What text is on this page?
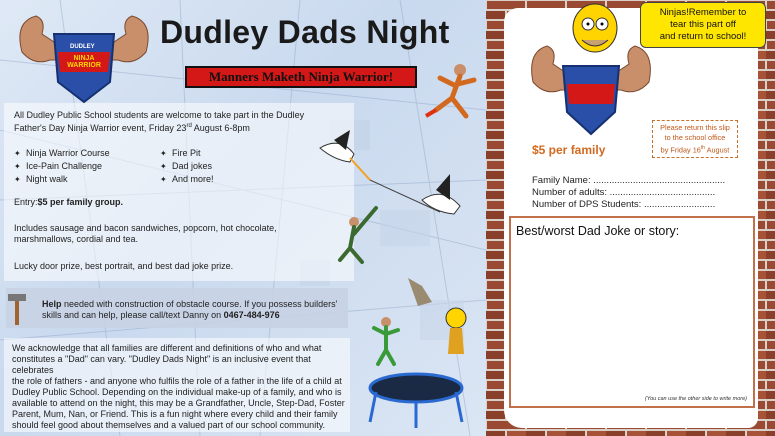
DUDLEY
NINJA WARRIOR
Dudley Dads Night
Manners Maketh Ninja Warrior!
All Dudley Public School students are welcome to take part in the Dudley
Father's Day Ninja Warrior event, Friday 23rd August 6-8pm
✦ Ninja Warrior Course
✦ Ice-Pain Challenge
✦ Night walk
✦ Fire Pit
✦ Dad jokes
✦ And more!
Entry:$5 per family group.
Includes sausage and bacon sandwiches, popcorn, hot chocolate,
marshmallows, cordial and tea.
Lucky door prize, best portrait, and best dad joke prize.
Help needed with construction of obstacle course. If you possess builders'
skills and can help, please call/text Danny on 0467-484-976
We acknowledge that all families are different and definitions of who and what
constitutes a "Dad" can vary. "Dudley Dads Night" is an inclusive event that celebrates
the role of fathers - and anyone who fulfils the role of a father in the life of a child at
Dudley Public School. Depending on the individual make-up of a family, and who is
available to attend on the night, this may be a Grandfather, Uncle, Step-Dad, Foster
Parent, Mum, Nan, or Friend. This is a fun night where every child and their family
should feel good about themselves and a valued part of our school community.
Ninjas!Remember to
tear this part off
and return to school!
Please return this slip
to the school office
by Friday 16th August
$5 per family
Family Name: ..................................................
Number of adults: ........................................
Number of DPS Students: ...........................
Best/worst Dad Joke or story:
(You can use the other side to write more)
